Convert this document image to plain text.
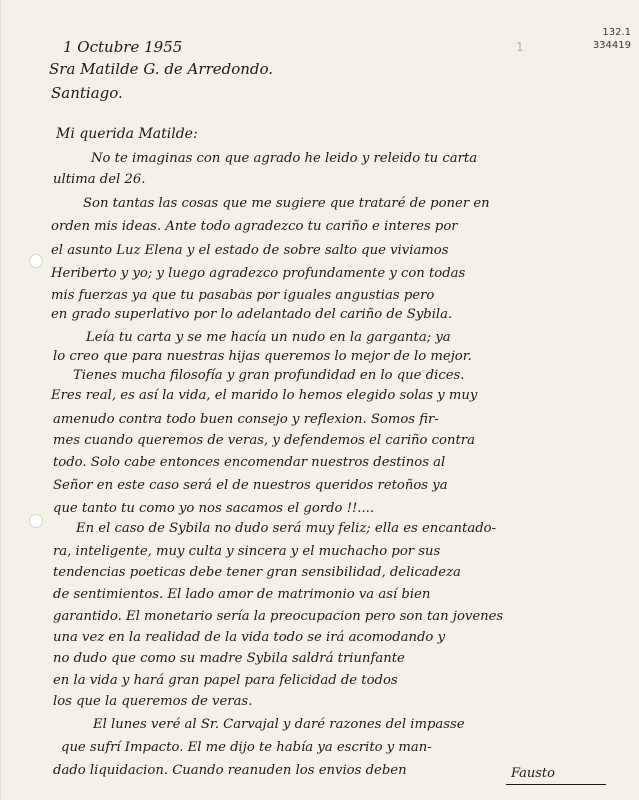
132.1
334419
1
1 Octubre 1955
Sra Matilde G. de Arredondo.
Santiago.
Mi querida Matilde:
No te imaginas con que agrado he leido y releido tu carta
ultima del 26.
Son tantas las cosas que me sugiere que trataré de poner en
orden mis ideas. Ante todo agradezco tu cariño e interes por
el asunto Luz Elena y el estado de sobre salto que viviamos
Heriberto y yo; y luego agradezco profundamente y con todas
mis fuerzas ya que tu pasabas por iguales angustias pero
en grado superlativo por lo adelantado del cariño de Sybila.
Leía tu carta y se me hacía un nudo en la garganta; ya
lo creo que para nuestras hijas queremos lo mejor de lo mejor.
Tienes mucha filosofía y gran profundidad en lo que dices.
Eres real, es así la vida, el marido lo hemos elegido solas y muy
amenudo contra todo buen consejo y reflexion. Somos fir-
mes cuando queremos de veras, y defendemos el cariño contra
todo. Solo cabe entonces encomendar nuestros destinos al
Señor en este caso será el de nuestros queridos retoños ya
que tanto tu como yo nos sacamos el gordo !!....
En el caso de Sybila no dudo será muy feliz; ella es encantado-
ra, inteligente, muy culta y sincera y el muchacho por sus
tendencias poeticas debe tener gran sensibilidad, delicadeza
de sentimientos. El lado amor de matrimonio va así bien
garantido. El monetario sería la preocupacion pero son tan jovenes
una vez en la realidad de la vida todo se irá acomodando y
no dudo que como su madre Sybila saldrá triunfante
en la vida y hará gran papel para felicidad de todos
los que la queremos de veras.
El lunes veré al Sr. Carvajal y daré razones del impasse
que sufrí Impacto. El me dijo te había ya escrito y man-
dado liquidacion. Cuando reanuden los envios deben	Fausto
